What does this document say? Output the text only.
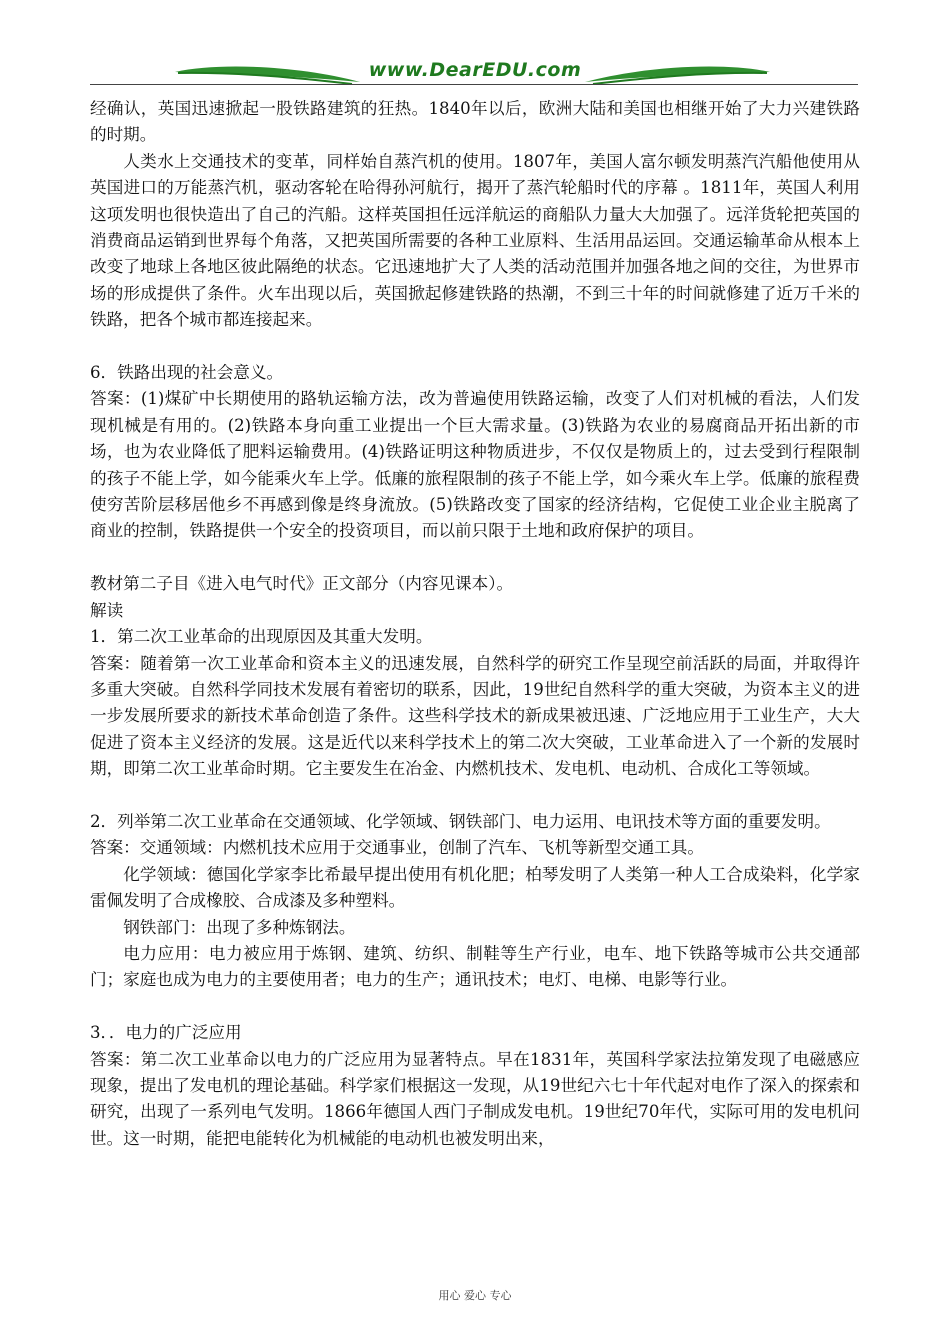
www.DearEDU.com

经确认，英国迅速掀起一股铁路建筑的狂热。1840年以后，欧洲大陆和美国也相继开始了大力兴建铁路的时期。

人类水上交通技术的变革，同样始自蒸汽机的使用。1807年，美国人富尔顿发明蒸汽汽船他使用从英国进口的万能蒸汽机，驱动客轮在哈得孙河航行，揭开了蒸汽轮船时代的序幕 。1811年，英国人利用这项发明也很快造出了自己的汽船。这样英国担任远洋航运的商船队力量大大加强了。远洋货轮把英国的消费商品运销到世界每个角落，又把英国所需要的各种工业原料、生活用品运回。交通运输革命从根本上改变了地球上各地区彼此隔绝的状态。它迅速地扩大了人类的活动范围并加强各地之间的交往，为世界市场的形成提供了条件。火车出现以后，英国掀起修建铁路的热潮，不到三十年的时间就修建了近万千米的铁路，把各个城市都连接起来。

6．铁路出现的社会意义。

答案：(1)煤矿中长期使用的路轨运输方法，改为普遍使用铁路运输，改变了人们对机械的看法，人们发现机械是有用的。(2)铁路本身向重工业提出一个巨大需求量。(3)铁路为农业的易腐商品开拓出新的市场，也为农业降低了肥料运输费用。(4)铁路证明这种物质进步，不仅仅是物质上的，过去受到行程限制的孩子不能上学，如今能乘火车上学。低廉的旅程限制的孩子不能上学，如今乘火车上学。低廉的旅程费使穷苦阶层移居他乡不再感到像是终身流放。(5)铁路改变了国家的经济结构，它促使工业企业主脱离了商业的控制，铁路提供一个安全的投资项目，而以前只限于土地和政府保护的项目。

教材第二子目《进入电气时代》正文部分（内容见课本）。

解读

1．第二次工业革命的出现原因及其重大发明。

答案：随着第一次工业革命和资本主义的迅速发展，自然科学的研究工作呈现空前活跃的局面，并取得许多重大突破。自然科学同技术发展有着密切的联系，因此，19世纪自然科学的重大突破，为资本主义的进一步发展所要求的新技术革命创造了条件。这些科学技术的新成果被迅速、广泛地应用于工业生产，大大促进了资本主义经济的发展。这是近代以来科学技术上的第二次大突破，工业革命进入了一个新的发展时期，即第二次工业革命时期。它主要发生在冶金、内燃机技术、发电机、电动机、合成化工等领域。

2．列举第二次工业革命在交通领域、化学领域、钢铁部门、电力运用、电讯技术等方面的重要发明。

答案：交通领域：内燃机技术应用于交通事业，创制了汽车、飞机等新型交通工具。

化学领域：德国化学家李比希最早提出使用有机化肥；柏琴发明了人类第一种人工合成染料，化学家雷佩发明了合成橡胶、合成漆及多种塑料。

钢铁部门：出现了多种炼钢法。

电力应用：电力被应用于炼钢、建筑、纺织、制鞋等生产行业，电车、地下铁路等城市公共交通部门；家庭也成为电力的主要使用者；电力的生产；通讯技术；电灯、电梯、电影等行业。

3．．电力的广泛应用

答案：第二次工业革命以电力的广泛应用为显著特点。早在1831年，英国科学家法拉第发现了电磁感应现象，提出了发电机的理论基础。科学家们根据这一发现，从19世纪六七十年代起对电作了深入的探索和研究，出现了一系列电气发明。1866年德国人西门子制成发电机。19世纪70年代，实际可用的发电机问世。这一时期，能把电能转化为机械能的电动机也被发明出来，

用心 爱心 专心
